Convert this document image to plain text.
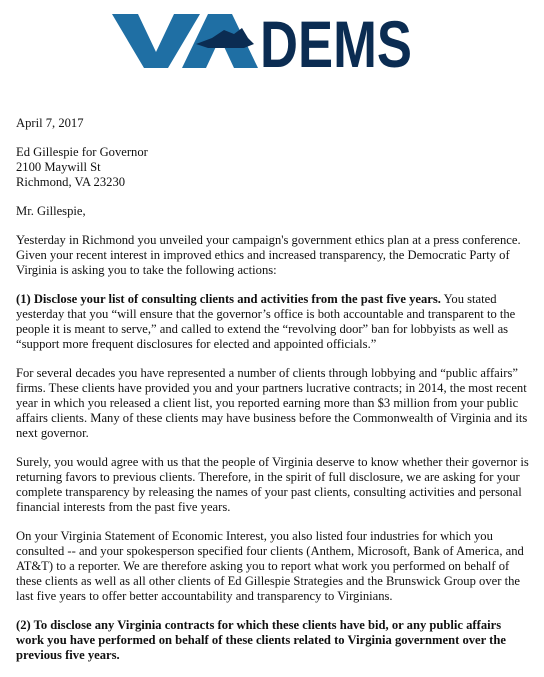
DEMS

April 7, 2017

Ed Gillespie for Governor
2100 Maywill St
Richmond, VA 23230

Mr. Gillespie,

Yesterday in Richmond you unveiled your campaign's government ethics plan at a press conference. Given your recent interest in improved ethics and increased transparency, the Democratic Party of Virginia is asking you to take the following actions:

(1) Disclose your list of consulting clients and activities from the past five years. You stated yesterday that you “will ensure that the governor’s office is both accountable and transparent to the people it is meant to serve,” and called to extend the “revolving door” ban for lobbyists as well as “support more frequent disclosures for elected and appointed officials.”

For several decades you have represented a number of clients through lobbying and “public affairs” firms. These clients have provided you and your partners lucrative contracts; in 2014, the most recent year in which you released a client list, you reported earning more than $3 million from your public affairs clients. Many of these clients may have business before the Commonwealth of Virginia and its next governor.

Surely, you would agree with us that the people of Virginia deserve to know whether their governor is returning favors to previous clients. Therefore, in the spirit of full disclosure, we are asking for your complete transparency by releasing the names of your past clients, consulting activities and personal financial interests from the past five years.

On your Virginia Statement of Economic Interest, you also listed four industries for which you consulted -- and your spokesperson specified four clients (Anthem, Microsoft, Bank of America, and AT&T) to a reporter. We are therefore asking you to report what work you performed on behalf of these clients as well as all other clients of Ed Gillespie Strategies and the Brunswick Group over the last five years to offer better accountability and transparency to Virginians.

(2) To disclose any Virginia contracts for which these clients have bid, or any public affairs work you have performed on behalf of these clients related to Virginia government over the previous five years.
